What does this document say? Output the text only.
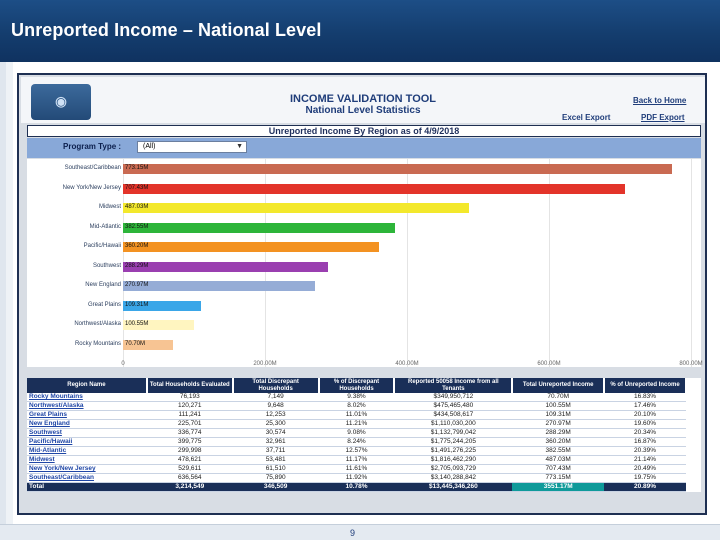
Unreported Income – National Level
◉	INCOME VALIDATION TOOL
National Level Statistics
Back to Home
Excel Export	PDF Export
Unreported Income By Region as of 4/9/2018
Program Type :	(All)	▼
0	200.00M	400.00M	600.00M	800.00M
Southeast/Caribbean 773.15M
New York/New Jersey 707.43M
Midwest 487.03M
Mid-Atlantic 382.55M
Pacific/Hawaii 360.20M
Southwest 288.29M
New England 270.97M
Great Plains 109.31M
Northwest/Alaska 100.55M
Rocky Mountains 70.70M
Region Name	Total Households Evaluated	Total Discrepant Households	% of Discrepant Households	Reported 50058 Income from all Tenants	Total Unreported Income	% of Unreported Income
Rocky Mountains	76,193	7,149	9.38%	$349,950,712	70.70M	16.83%
Northwest/Alaska	120,271	9,648	8.02%	$475,465,480	100.55M	17.46%
Great Plains	111,241	12,253	11.01%	$434,508,617	109.31M	20.10%
New England	225,701	25,300	11.21%	$1,110,030,200	270.97M	19.60%
Southwest	336,774	30,574	9.08%	$1,132,799,042	288.29M	20.34%
Pacific/Hawaii	399,775	32,961	8.24%	$1,775,244,205	360.20M	16.87%
Mid-Atlantic	299,998	37,711	12.57%	$1,491,276,225	382.55M	20.39%
Midwest	478,621	53,481	11.17%	$1,816,462,290	487.03M	21.14%
New York/New Jersey	529,611	61,510	11.61%	$2,705,093,729	707.43M	20.49%
Southeast/Caribbean	636,564	75,890	11.92%	$3,140,288,842	773.15M	19.75%
Total	3,214,549	346,509	10.78%	$13,445,346,260	3551.17M	20.89%
9
